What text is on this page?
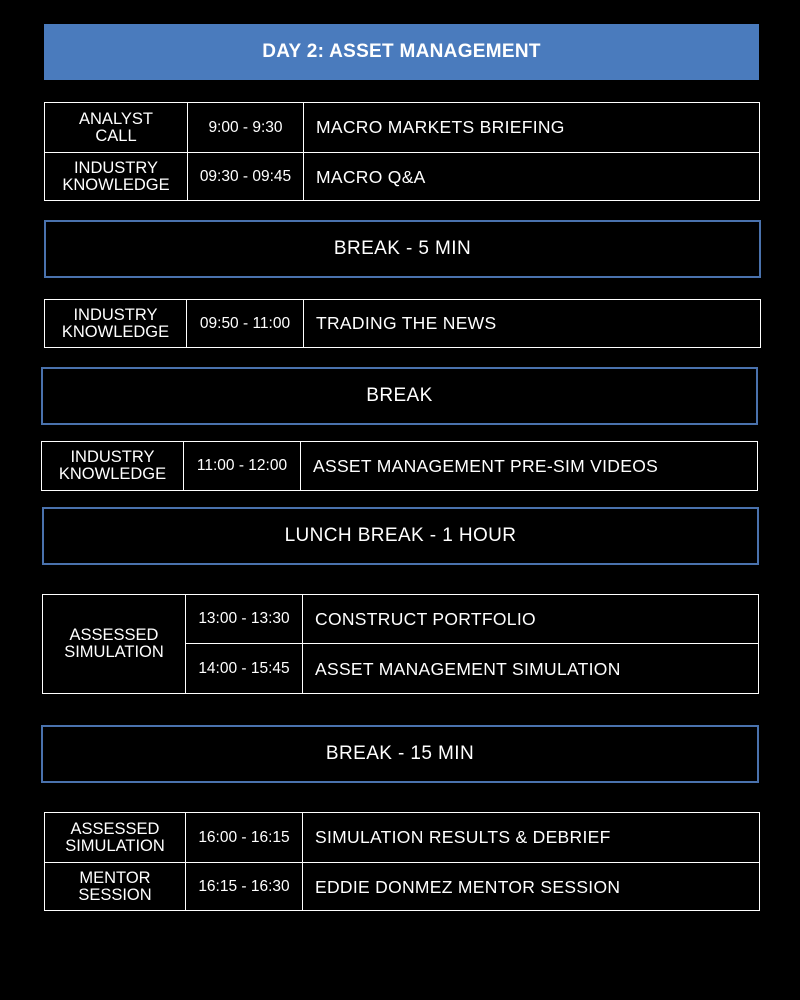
DAY 2: ASSET MANAGEMENT
ANALYST
CALL	9:00 - 9:30	MACRO MARKETS BRIEFING
INDUSTRY
KNOWLEDGE	09:30 - 09:45	MACRO Q&A
BREAK - 5 MIN
INDUSTRY
KNOWLEDGE	09:50 - 11:00	TRADING THE NEWS
BREAK
INDUSTRY
KNOWLEDGE	11:00 - 12:00	ASSET MANAGEMENT PRE-SIM VIDEOS
LUNCH BREAK - 1 HOUR
ASSESSED
SIMULATION
13:00 - 13:30	CONSTRUCT PORTFOLIO
14:00 - 15:45	ASSET MANAGEMENT SIMULATION
BREAK - 15 MIN
ASSESSED
SIMULATION	16:00 - 16:15	SIMULATION RESULTS & DEBRIEF
MENTOR
SESSION	16:15 - 16:30	EDDIE DONMEZ MENTOR SESSION
